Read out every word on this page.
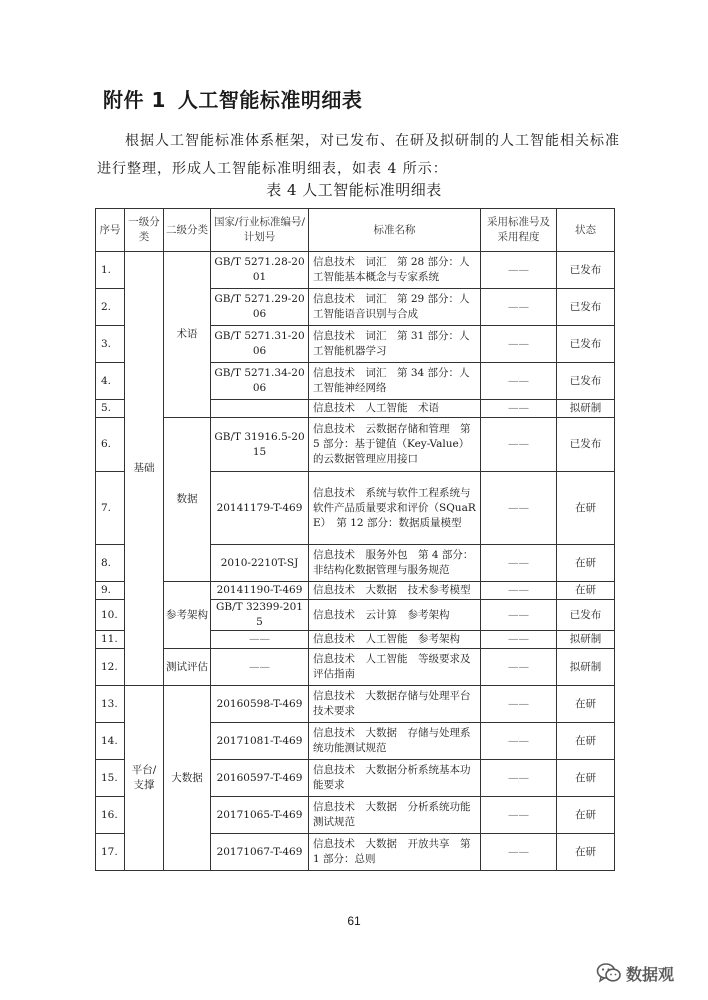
附件 1 人工智能标准明细表

根据人工智能标准体系框架，对已发布、在研及拟研制的人工智能相关标准进行整理，形成人工智能标准明细表，如表 4 所示：

表 4 人工智能标准明细表
序号	一级分类	二级分类	国家/行业标准编号/计划号	标准名称	采用标准号及采用程度	状态
1.	基础	术语	GB/T 5271.28-2001	信息技术　词汇　第 28 部分：人工智能基本概念与专家系统	——	已发布
2.			GB/T 5271.29-2006	信息技术　词汇　第 29 部分：人工智能语音识别与合成	——	已发布
3.			GB/T 5271.31-2006	信息技术　词汇　第 31 部分：人工智能机器学习	——	已发布
4.			GB/T 5271.34-2006	信息技术　词汇　第 34 部分：人工智能神经网络	——	已发布
5.				信息技术　人工智能　术语	——	拟研制
6.		数据	GB/T 31916.5-2015	信息技术　云数据存储和管理　第 5 部分：基于键值（Key-Value）的云数据管理应用接口	——	已发布
7.			20141179-T-469	信息技术　系统与软件工程系统与软件产品质量要求和评价（SQuaRE）　第 12 部分：数据质量模型	——	在研
8.			2010-2210T-SJ	信息技术　服务外包　第 4 部分：非结构化数据管理与服务规范	——	在研
9.		参考架构	20141190-T-469	信息技术　大数据　技术参考模型	——	在研
10.			GB/T 32399-2015	信息技术　云计算　参考架构	——	已发布
11.			——	信息技术　人工智能　参考架构	——	拟研制
12.		测试评估	——	信息技术　人工智能　等级要求及评估指南	——	拟研制
13.	平台/支撑	大数据	20160598-T-469	信息技术　大数据存储与处理平台技术要求	——	在研
14.			20171081-T-469	信息技术　大数据　存储与处理系统功能测试规范	——	在研
15.			20160597-T-469	信息技术　大数据分析系统基本功能要求	——	在研
16.			20171065-T-469	信息技术　大数据　分析系统功能测试规范	——	在研
17.			20171067-T-469	信息技术　大数据　开放共享　第 1 部分：总则	——	在研
61
数据观
